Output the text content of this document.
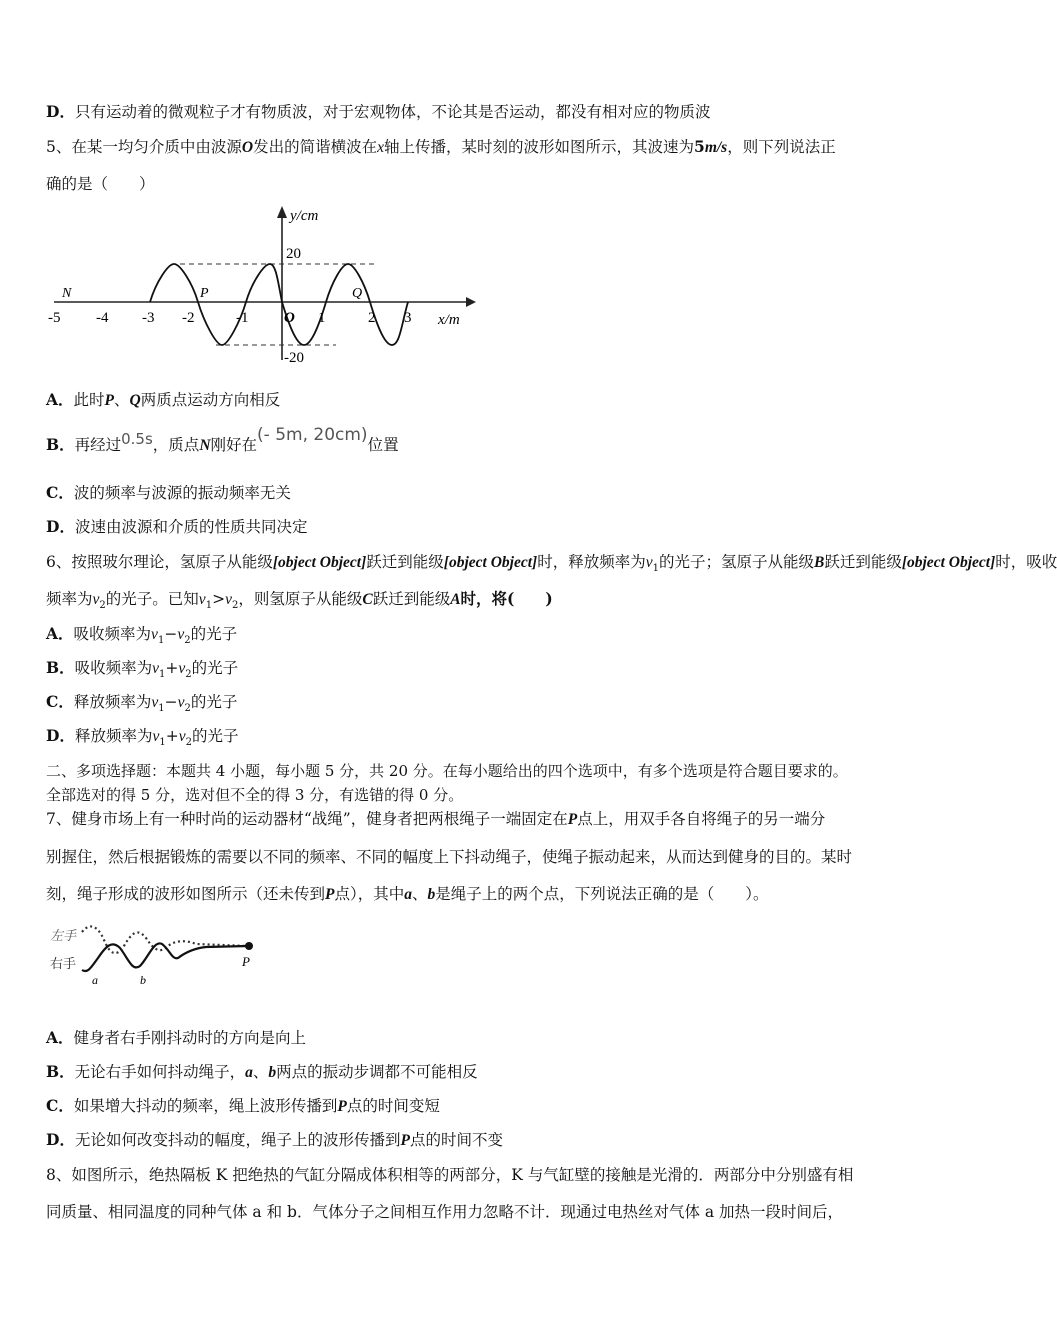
D．只有运动着的微观粒子才有物质波，对于宏观物体，不论其是否运动，都没有相对应的物质波
5、在某一均匀介质中由波源O发出的简谐横波在x轴上传播，某时刻的波形如图所示，其波速为5m/s，则下列说法正
确的是（　　）
-5 -4 -3 -2	-1 O 1	2 3
y/cm
x/m
20
-20
N	P	Q
A．此时P、Q两质点运动方向相反
B．再经过0.5s，质点N刚好在(- 5m, 20cm)位置
C．波的频率与波源的振动频率无关
D．波速由波源和介质的性质共同决定
6、按照玻尔理论，氢原子从能级[object Object]跃迁到能级[object Object]时，释放频率为$v_1$的光子；氢原子从能级B跃迁到能级[object Object]时，吸收
频率为$v_2$的光子。已知$v_1>v_2$，则氢原子从能级C跃迁到能级A时，将(　　)
A．吸收频率为$v_1-v_2$的光子
B．吸收频率为$v_1+v_2$的光子
C．释放频率为$v_1-v_2$的光子
D．释放频率为$v_1+v_2$的光子
二、多项选择题：本题共 4 小题，每小题 5 分，共 20 分。在每小题给出的四个选项中，有多个选项是符合题目要求的。
全部选对的得 5 分，选对但不全的得 3 分，有选错的得 0 分。
7、健身市场上有一种时尚的运动器材“战绳”，健身者把两根绳子一端固定在P点上，用双手各自将绳子的另一端分
别握住，然后根据锻炼的需要以不同的频率、不同的幅度上下抖动绳子，使绳子振动起来，从而达到健身的目的。某时
刻，绳子形成的波形如图所示（还未传到P点），其中a、b是绳子上的两个点，下列说法正确的是（　　）。
左手
右手
a	b
P
A．健身者右手刚抖动时的方向是向上
B．无论右手如何抖动绳子，a、b两点的振动步调都不可能相反
C．如果增大抖动的频率，绳上波形传播到P点的时间变短
D．无论如何改变抖动的幅度，绳子上的波形传播到P点的时间不变
8、如图所示，绝热隔板 K 把绝热的气缸分隔成体积相等的两部分，K 与气缸壁的接触是光滑的．两部分中分别盛有相
同质量、相同温度的同种气体 a 和 b．气体分子之间相互作用力忽略不计．现通过电热丝对气体 a 加热一段时间后，
